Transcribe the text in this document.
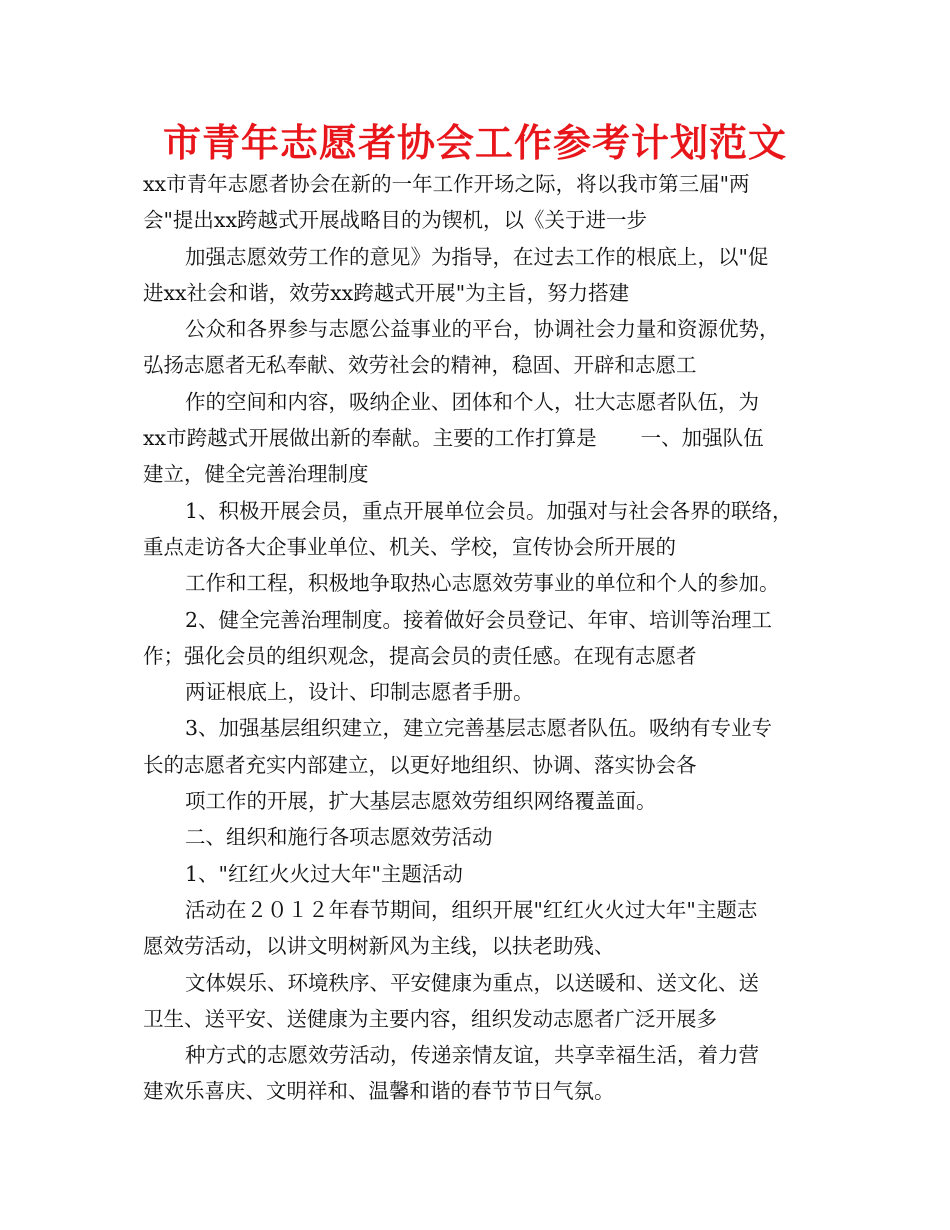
市青年志愿者协会工作参考计划范文
xx市青年志愿者协会在新的一年工作开场之际，将以我市第三届"两
会"提出xx跨越式开展战略目的为锲机，以《关于进一步
加强志愿效劳工作的意见》为指导，在过去工作的根底上，以"促
进xx社会和谐，效劳xx跨越式开展"为主旨，努力搭建
公众和各界参与志愿公益事业的平台，协调社会力量和资源优势，
弘扬志愿者无私奉献、效劳社会的精神，稳固、开辟和志愿工
作的空间和内容，吸纳企业、团体和个人，壮大志愿者队伍，为
xx市跨越式开展做出新的奉献。主要的工作打算是 一、加强队伍
建立，健全完善治理制度
1、积极开展会员，重点开展单位会员。加强对与社会各界的联络，
重点走访各大企事业单位、机关、学校，宣传协会所开展的
工作和工程，积极地争取热心志愿效劳事业的单位和个人的参加。
2、健全完善治理制度。接着做好会员登记、年审、培训等治理工
作；强化会员的组织观念，提高会员的责任感。在现有志愿者
两证根底上，设计、印制志愿者手册。
3、加强基层组织建立，建立完善基层志愿者队伍。吸纳有专业专
长的志愿者充实内部建立，以更好地组织、协调、落实协会各
项工作的开展，扩大基层志愿效劳组织网络覆盖面。
二、组织和施行各项志愿效劳活动
1、"红红火火过大年"主题活动
活动在２０１２年春节期间，组织开展"红红火火过大年"主题志
愿效劳活动，以讲文明树新风为主线，以扶老助残、
文体娱乐、环境秩序、平安健康为重点，以送暖和、送文化、送
卫生、送平安、送健康为主要内容，组织发动志愿者广泛开展多
种方式的志愿效劳活动，传递亲情友谊，共享幸福生活，着力营
建欢乐喜庆、文明祥和、温馨和谐的春节节日气氛。
